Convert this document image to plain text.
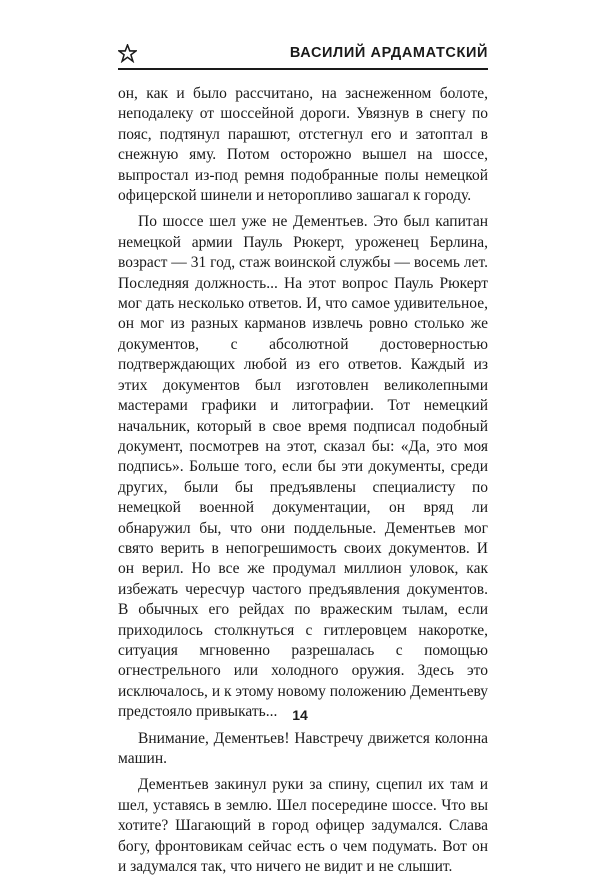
ВАСИЛИЙ АРДАМАТСКИЙ

он, как и было рассчитано, на заснеженном болоте, неподалеку от шоссейной дороги. Увязнув в снегу по пояс, подтянул парашют, отстегнул его и затоптал в снежную яму. Потом осторожно вышел на шоссе, выпростал из-под ремня подобранные полы немецкой офицерской шинели и неторопливо зашагал к городу.

По шоссе шел уже не Дементьев. Это был капитан немецкой армии Пауль Рюкерт, уроженец Берлина, возраст — 31 год, стаж воинской службы — восемь лет. Последняя должность... На этот вопрос Пауль Рюкерт мог дать несколько ответов. И, что самое удивительное, он мог из разных карманов извлечь ровно столько же документов, с абсолютной достоверностью подтверждающих любой из его ответов. Каждый из этих документов был изготовлен великолепными мастерами графики и литографии. Тот немецкий начальник, который в свое время подписал подобный документ, посмотрев на этот, сказал бы: «Да, это моя подпись». Больше того, если бы эти документы, среди других, были бы предъявлены специалисту по немецкой военной документации, он вряд ли обнаружил бы, что они поддельные. Дементьев мог свято верить в непогрешимость своих документов. И он верил. Но все же продумал миллион уловок, как избежать чересчур частого предъявления документов. В обычных его рейдах по вражеским тылам, если приходилось столкнуться с гитлеровцем накоротке, ситуация мгновенно разрешалась с помощью огнестрельного или холодного оружия. Здесь это исключалось, и к этому новому положению Дементьеву предстояло привыкать...

Внимание, Дементьев! Навстречу движется колонна машин.

Дементьев закинул руки за спину, сцепил их там и шел, уставясь в землю. Шел посередине шоссе. Что вы хотите? Шагающий в город офицер задумался. Слава богу, фронтовикам сейчас есть о чем подумать. Вот он и задумался так, что ничего не видит и не слышит.

14
